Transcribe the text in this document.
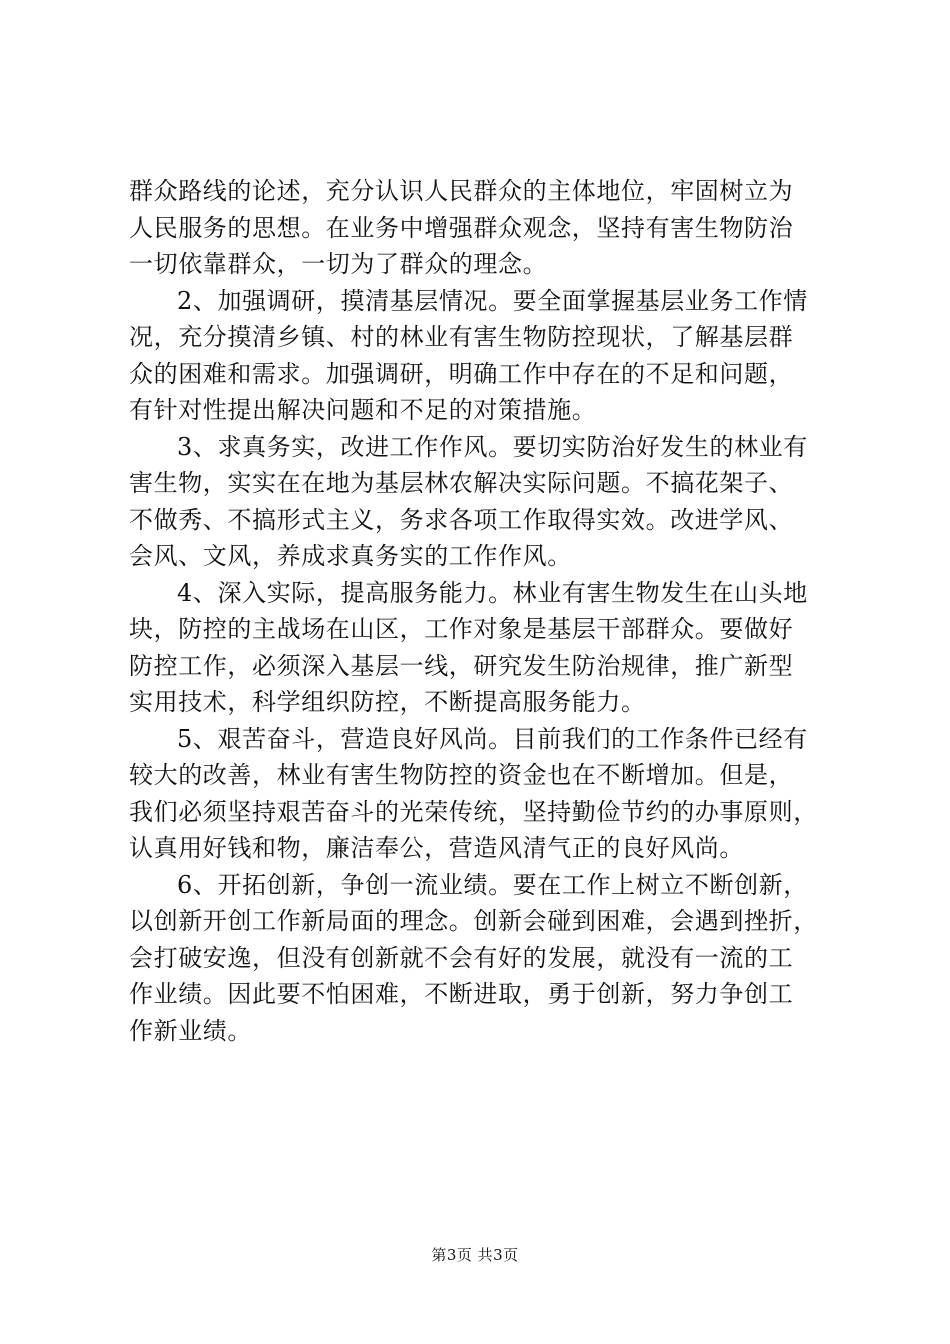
群众路线的论述，充分认识人民群众的主体地位，牢固树立为
人民服务的思想。在业务中增强群众观念，坚持有害生物防治
一切依靠群众，一切为了群众的理念。
2、加强调研，摸清基层情况。要全面掌握基层业务工作情
况，充分摸清乡镇、村的林业有害生物防控现状，了解基层群
众的困难和需求。加强调研，明确工作中存在的不足和问题，
有针对性提出解决问题和不足的对策措施。
3、求真务实，改进工作作风。要切实防治好发生的林业有
害生物，实实在在地为基层林农解决实际问题。不搞花架子、
不做秀、不搞形式主义，务求各项工作取得实效。改进学风、
会风、文风，养成求真务实的工作作风。
4、深入实际，提高服务能力。林业有害生物发生在山头地
块，防控的主战场在山区，工作对象是基层干部群众。要做好
防控工作，必须深入基层一线，研究发生防治规律，推广新型
实用技术，科学组织防控，不断提高服务能力。
5、艰苦奋斗，营造良好风尚。目前我们的工作条件已经有
较大的改善，林业有害生物防控的资金也在不断增加。但是，
我们必须坚持艰苦奋斗的光荣传统，坚持勤俭节约的办事原则，
认真用好钱和物，廉洁奉公，营造风清气正的良好风尚。
6、开拓创新，争创一流业绩。要在工作上树立不断创新，
以创新开创工作新局面的理念。创新会碰到困难，会遇到挫折，
会打破安逸，但没有创新就不会有好的发展，就没有一流的工
作业绩。因此要不怕困难，不断进取，勇于创新，努力争创工
作新业绩。
第3页 共3页
